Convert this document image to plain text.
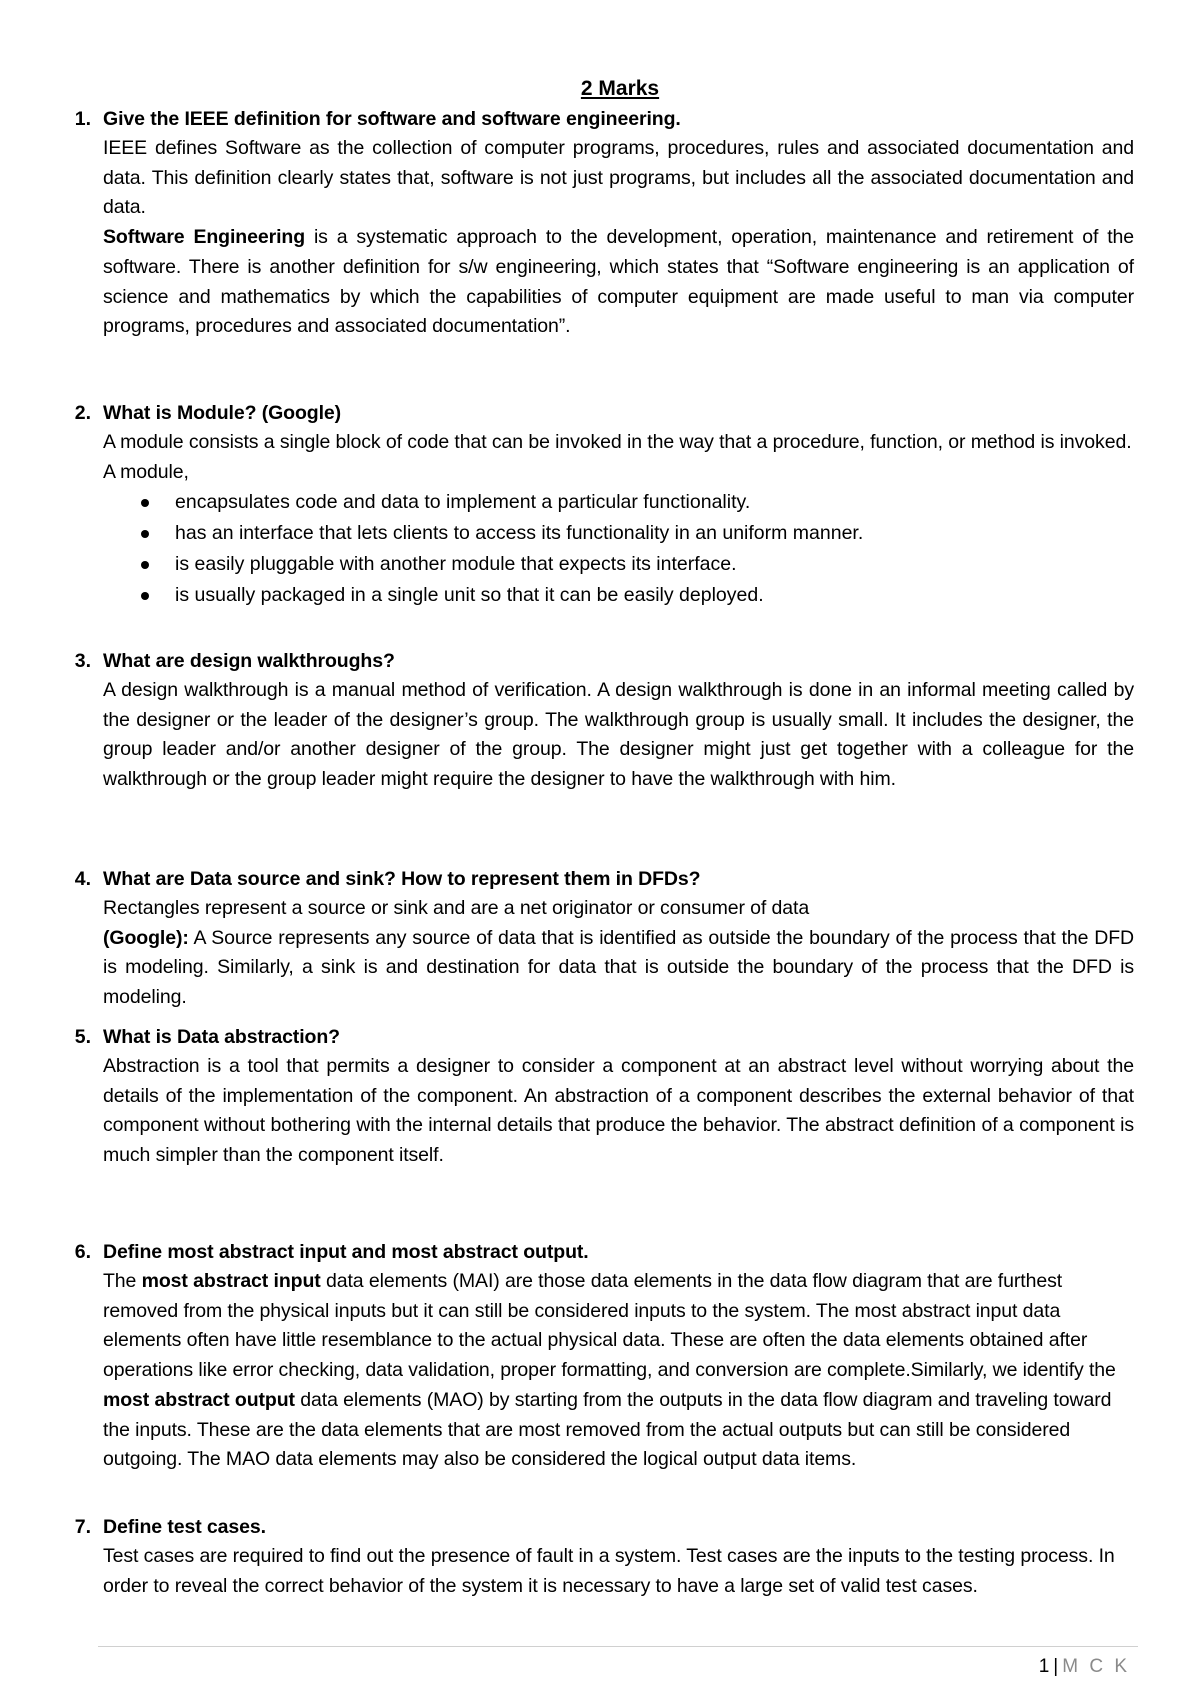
2 Marks
1. Give the IEEE definition for software and software engineering.

IEEE defines Software as the collection of computer programs, procedures, rules and associated documentation and data. This definition clearly states that, software is not just programs, but includes all the associated documentation and data.

Software Engineering is a systematic approach to the development, operation, maintenance and retirement of the software. There is another definition for s/w engineering, which states that “Software engineering is an application of science and mathematics by which the capabilities of computer equipment are made useful to man via computer programs, procedures and associated documentation”.

2. What is Module? (Google)

A module consists a single block of code that can be invoked in the way that a procedure, function, or method is invoked. A module,

encapsulates code and data to implement a particular functionality.
has an interface that lets clients to access its functionality in an uniform manner.
is easily pluggable with another module that expects its interface.
is usually packaged in a single unit so that it can be easily deployed.
3. What are design walkthroughs?

A design walkthrough is a manual method of verification. A design walkthrough is done in an informal meeting called by the designer or the leader of the designer’s group. The walkthrough group is usually small. It includes the designer, the group leader and/or another designer of the group. The designer might just get together with a colleague for the walkthrough or the group leader might require the designer to have the walkthrough with him.

4. What are Data source and sink? How to represent them in DFDs?

Rectangles represent a source or sink and are a net originator or consumer of data

(Google): A Source represents any source of data that is identified as outside the boundary of the process that the DFD is modeling. Similarly, a sink is and destination for data that is outside the boundary of the process that the DFD is modeling.

5. What is Data abstraction?

Abstraction is a tool that permits a designer to consider a component at an abstract level without worrying about the details of the implementation of the component. An abstraction of a component describes the external behavior of that component without bothering with the internal details that produce the behavior. The abstract definition of a component is much simpler than the component itself.

6. Define most abstract input and most abstract output.

The most abstract input data elements (MAI) are those data elements in the data flow diagram that are furthest removed from the physical inputs but it can still be considered inputs to the system. The most abstract input data elements often have little resemblance to the actual physical data. These are often the data elements obtained after operations like error checking, data validation, proper formatting, and conversion are complete.Similarly, we identify the most abstract output data elements (MAO) by starting from the outputs in the data flow diagram and traveling toward the inputs. These are the data elements that are most removed from the actual outputs but can still be considered outgoing. The MAO data elements may also be considered the logical output data items.

7. Define test cases.

Test cases are required to find out the presence of fault in a system. Test cases are the inputs to the testing process. In order to reveal the correct behavior of the system it is necessary to have a large set of valid test cases.

1 | M C K
